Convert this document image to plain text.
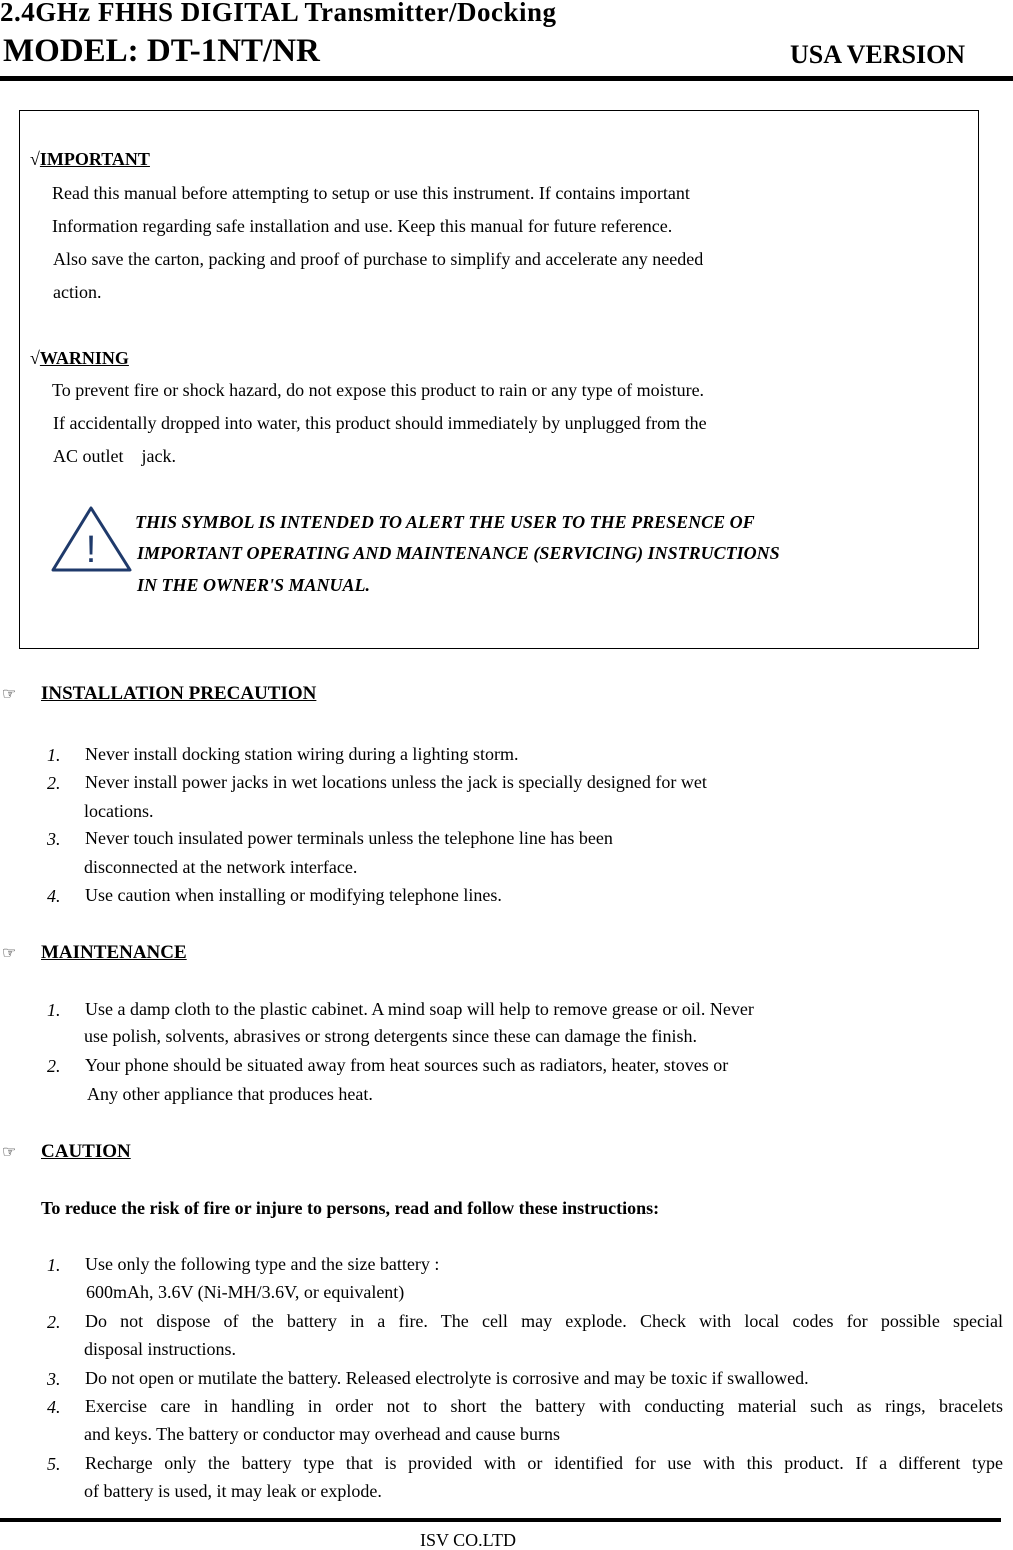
2.4GHz FHHS DIGITAL Transmitter/Docking
MODEL: DT-1NT/NR	USA VERSION
√IMPORTANT
Read this manual before attempting to setup or use this instrument. If contains important
Information regarding safe installation and use. Keep this manual for future reference.
Also save the carton, packing and proof of purchase to simplify and accelerate any needed
action.
√WARNING
To prevent fire or shock hazard, do not expose this product to rain or any type of moisture.
If accidentally dropped into water, this product should immediately by unplugged from the
AC outlet    jack.
!
THIS SYMBOL IS INTENDED TO ALERT THE USER TO THE PRESENCE OF
IMPORTANT OPERATING AND MAINTENANCE (SERVICING) INSTRUCTIONS
IN THE OWNER'S MANUAL.
☞ INSTALLATION PRECAUTION
1. Never install docking station wiring during a lighting storm.
2. Never install power jacks in wet locations unless the jack is specially designed for wet
locations.
3. Never touch insulated power terminals unless the telephone line has been
disconnected at the network interface.
4. Use caution when installing or modifying telephone lines.
☞ MAINTENANCE
1. Use a damp cloth to the plastic cabinet. A mind soap will help to remove grease or oil. Never
use polish, solvents, abrasives or strong detergents since these can damage the finish.
2. Your phone should be situated away from heat sources such as radiators, heater, stoves or
Any other appliance that produces heat.
☞ CAUTION
To reduce the risk of fire or injure to persons, read and follow these instructions:
1. Use only the following type and the size battery :
600mAh, 3.6V (Ni-MH/3.6V, or equivalent)
2. Do not dispose of the battery in a fire. The cell may explode. Check with local codes for possible special
disposal instructions.
3. Do not open or mutilate the battery. Released electrolyte is corrosive and may be toxic if swallowed.
4. Exercise care in handling in order not to short the battery with conducting material such as rings, bracelets
and keys. The battery or conductor may overhead and cause burns
5. Recharge only the battery type that is provided with or identified for use with this product. If a different type
of battery is used, it may leak or explode.
ISV CO.LTD
